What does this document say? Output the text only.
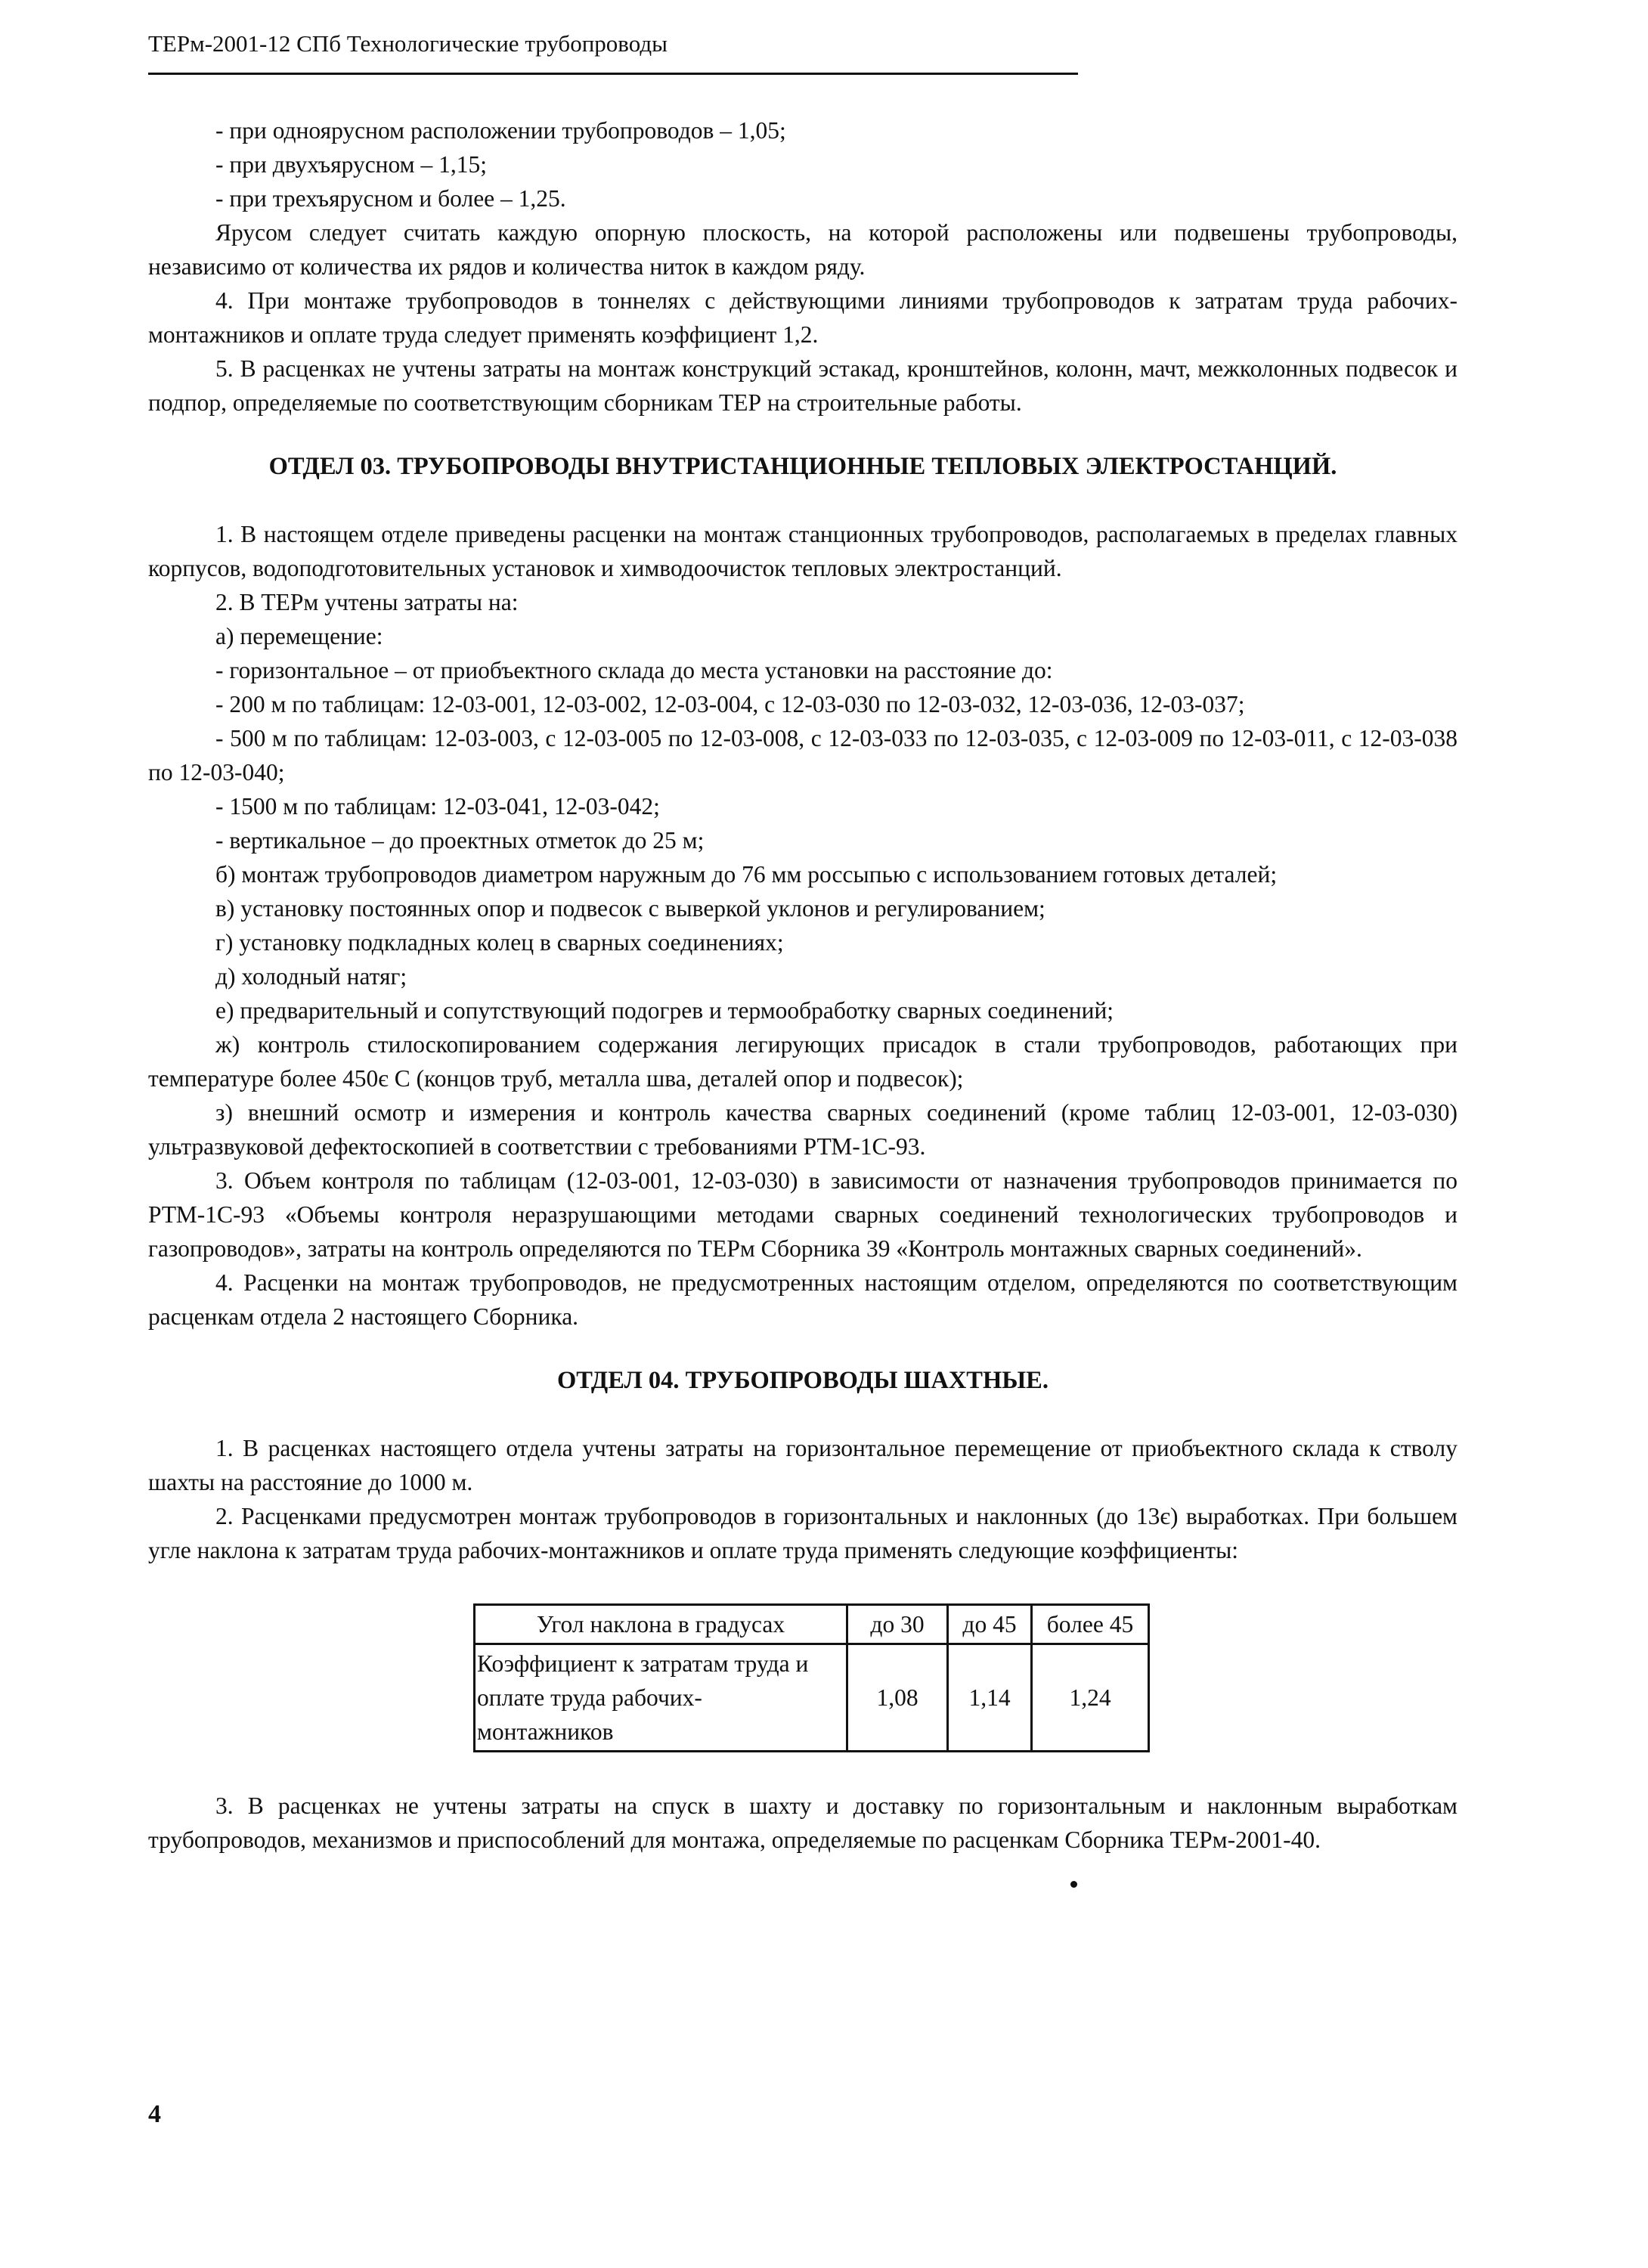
ТЕРм-2001-12 СПб Технологические трубопроводы

- при одноярусном расположении трубопроводов – 1,05;

- при двухъярусном – 1,15;

- при трехъярусном и более – 1,25.

Ярусом следует считать каждую опорную плоскость, на которой расположены или подвешены трубопроводы, независимо от количества их рядов и количества ниток в каждом ряду.

4. При монтаже трубопроводов в тоннелях с действующими линиями трубопроводов к затратам труда рабочих-монтажников и оплате труда следует применять коэффициент 1,2.

5. В расценках не учтены затраты на монтаж конструкций эстакад, кронштейнов, колонн, мачт, межколонных подвесок и подпор, определяемые по соответствующим сборникам ТЕР на строительные работы.

ОТДЕЛ 03. ТРУБОПРОВОДЫ ВНУТРИСТАНЦИОННЫЕ ТЕПЛОВЫХ ЭЛЕКТРОСТАНЦИЙ.

1. В настоящем отделе приведены расценки на монтаж станционных трубопроводов, располагаемых в пределах главных корпусов, водоподготовительных установок и химводоочисток тепловых электростанций.

2. В ТЕРм учтены затраты на:

а) перемещение:

- горизонтальное – от приобъектного склада до места установки на расстояние до:

- 200 м по таблицам: 12-03-001, 12-03-002, 12-03-004, с 12-03-030 по 12-03-032, 12-03-036, 12-03-037;

- 500 м по таблицам: 12-03-003, с 12-03-005 по 12-03-008, с 12-03-033 по 12-03-035, с 12-03-009 по 12-03-011, с 12-03-038 по 12-03-040;

- 1500 м по таблицам: 12-03-041, 12-03-042;

- вертикальное – до проектных отметок до 25 м;

б) монтаж трубопроводов диаметром наружным до 76 мм россыпью с использованием готовых деталей;

в) установку постоянных опор и подвесок с выверкой уклонов и регулированием;

г) установку подкладных колец в сварных соединениях;

д) холодный натяг;

е) предварительный и сопутствующий подогрев и термообработку сварных соединений;

ж) контроль стилоскопированием содержания легирующих присадок в стали трубопроводов, работающих при температуре более 450є С (концов труб, металла шва, деталей опор и подвесок);

з) внешний осмотр и измерения и контроль качества сварных соединений (кроме таблиц 12-03-001, 12-03-030) ультразвуковой дефектоскопией в соответствии с требованиями РТМ-1С-93.

3. Объем контроля по таблицам (12-03-001, 12-03-030) в зависимости от назначения трубопроводов принимается по РТМ-1С-93 «Объемы контроля неразрушающими методами сварных соединений технологических трубопроводов и газопроводов», затраты на контроль определяются по ТЕРм Сборника 39 «Контроль монтажных сварных соединений».

4. Расценки на монтаж трубопроводов, не предусмотренных настоящим отделом, определяются по соответствующим расценкам отдела 2 настоящего Сборника.

ОТДЕЛ 04. ТРУБОПРОВОДЫ ШАХТНЫЕ.

1. В расценках настоящего отдела учтены затраты на горизонтальное перемещение от приобъектного склада к стволу шахты на расстояние до 1000 м.

2. Расценками предусмотрен монтаж трубопроводов в горизонтальных и наклонных (до 13є) выработках. При большем угле наклона к затратам труда рабочих-монтажников и оплате труда применять следующие коэффициенты:

Угол наклона в градусах	до 30	до 45	более 45
Коэффициент к затратам труда и оплате труда рабочих-монтажников	1,08	1,14	1,24

3. В расценках не учтены затраты на спуск в шахту и доставку по горизонтальным и наклонным выработкам трубопроводов, механизмов и приспособлений для монтажа, определяемые по расценкам Сборника ТЕРм-2001-40.

4
